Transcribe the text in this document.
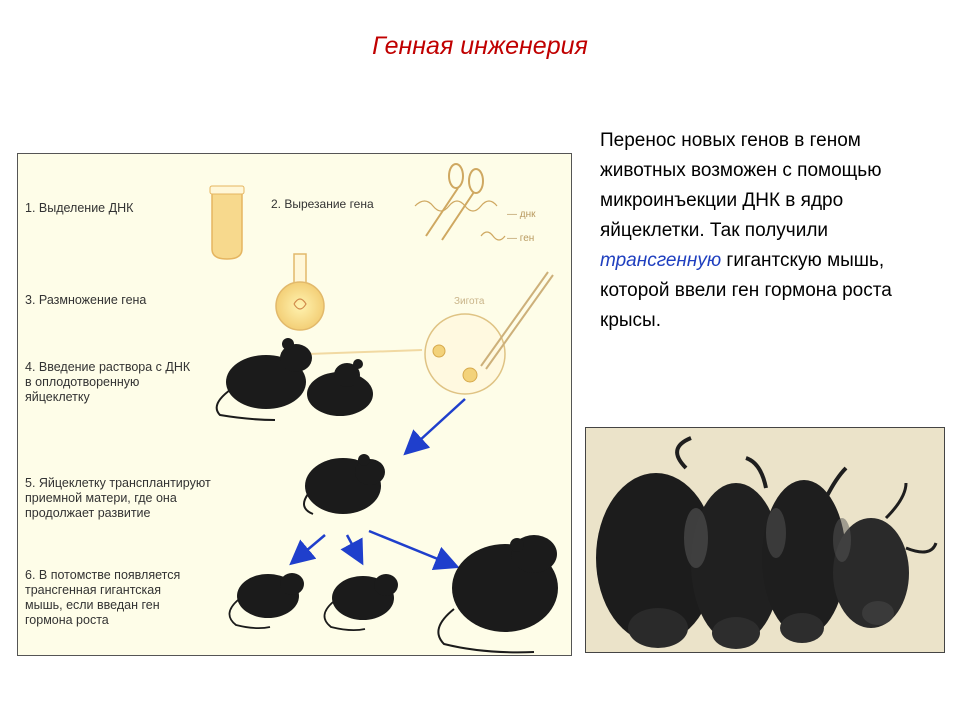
Генная инженерия
1. Выделение ДНК	2. Вырезание гена
3. Размножение гена
4. Введение раствора с ДНК
в оплодотворенную
яйцеклетку
5. Яйцеклетку трансплантируют
приемной матери, где она
продолжает развитие
6. В потомстве появляется
трансгенная гигантская
мышь, если введан ген
гормона роста
— днк
— ген
Зигота
Перенос новых генов в геном животных возможен с помощью микроинъекции ДНК в ядро яйцеклетки. Так получили трансгенную гигантскую мышь, которой ввели ген гормона роста крысы.
